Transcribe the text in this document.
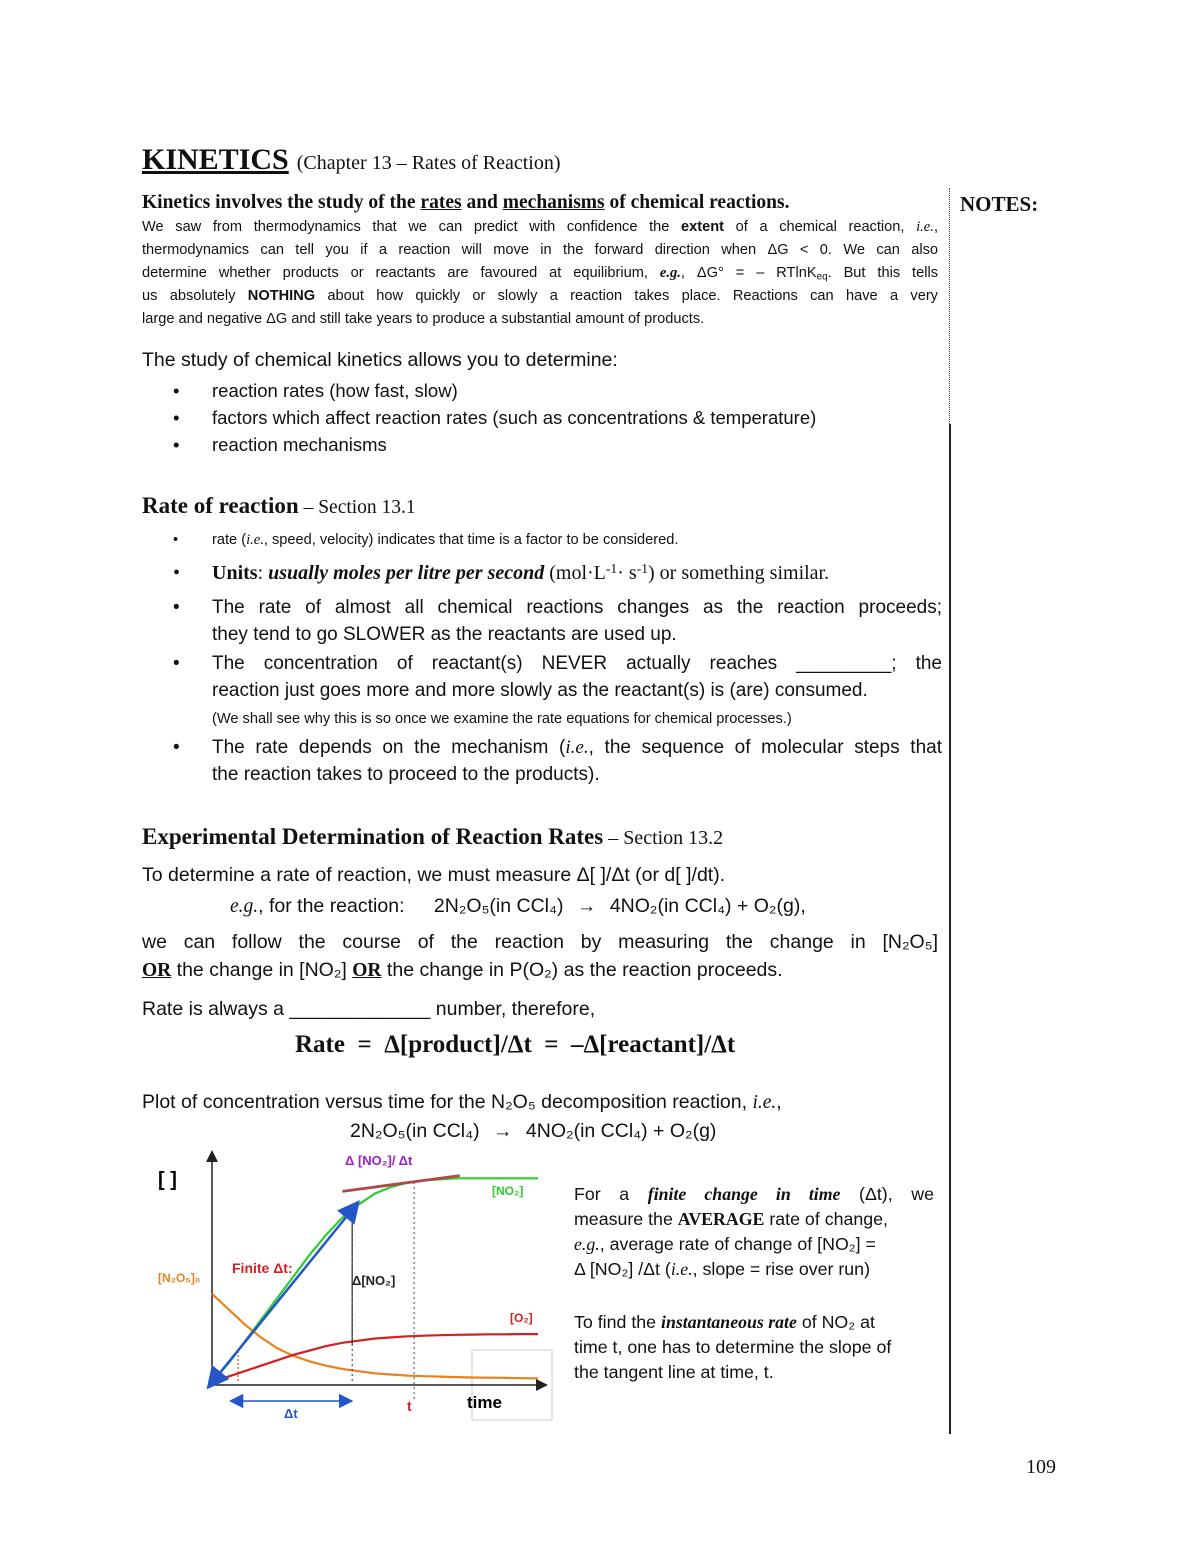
KINETICS (Chapter 13 – Rates of Reaction)
NOTES:
Kinetics involves the study of the rates and mechanisms of chemical reactions.
We saw from thermodynamics that we can predict with confidence the extent of a chemical reaction, i.e.,
thermodynamics can tell you if a reaction will move in the forward direction when ΔG < 0. We can also
determine whether products or reactants are favoured at equilibrium, e.g., ΔG° = – RTlnK$_{eq}$. But this tells
us absolutely NOTHING about how quickly or slowly a reaction takes place. Reactions can have a very
large and negative ΔG and still take years to produce a substantial amount of products.
The study of chemical kinetics allows you to determine:
• reaction rates (how fast, slow)
• factors which affect reaction rates (such as concentrations & temperature)
• reaction mechanisms
Rate of reaction – Section 13.1
• rate (i.e., speed, velocity) indicates that time is a factor to be considered.
• Units: usually moles per litre per second $(mol\cdot L^{-1}\cdot s^{-1})$ or something similar.
• The rate of almost all chemical reactions changes as the reaction proceeds;
they tend to go SLOWER as the reactants are used up.
• The concentration of reactant(s) NEVER actually reaches _________; the
reaction just goes more and more slowly as the reactant(s) is (are) consumed.
(We shall see why this is so once we examine the rate equations for chemical processes.)
• The rate depends on the mechanism (i.e., the sequence of molecular steps that
the reaction takes to proceed to the products).
Experimental Determination of Reaction Rates – Section 13.2
To determine a rate of reaction, we must measure Δ[ ]/Δt (or d[ ]/dt).
e.g., for the reaction: 2N₂O₅(in CCl₄) → 4NO₂(in CCl₄) + O₂(g),
we can follow the course of the reaction by measuring the change in [N₂O₅]
OR the change in [NO₂] OR the change in P(O₂) as the reaction proceeds.
Rate is always a _____________ number, therefore,
Rate  =  Δ[product]/Δt  =  –Δ[reactant]/Δt
Plot of concentration versus time for the N₂O₅ decomposition reaction, i.e.,
2N₂O₅(in CCl₄) → 4NO₂(in CCl₄) + O₂(g)
[ ]
time
[NO₂]
[O₂]
[N₂O₅]₀
Finite Δt:
Δ[NO₂]
Δ [NO₂]/ Δt
Δt	t
For a finite change in time (Δt), we
measure the AVERAGE rate of change,
e.g., average rate of change of [NO₂] =
Δ [NO₂] /Δt (i.e., slope = rise over run)
To find the instantaneous rate of NO₂ at
time t, one has to determine the slope of
the tangent line at time, t.
109
